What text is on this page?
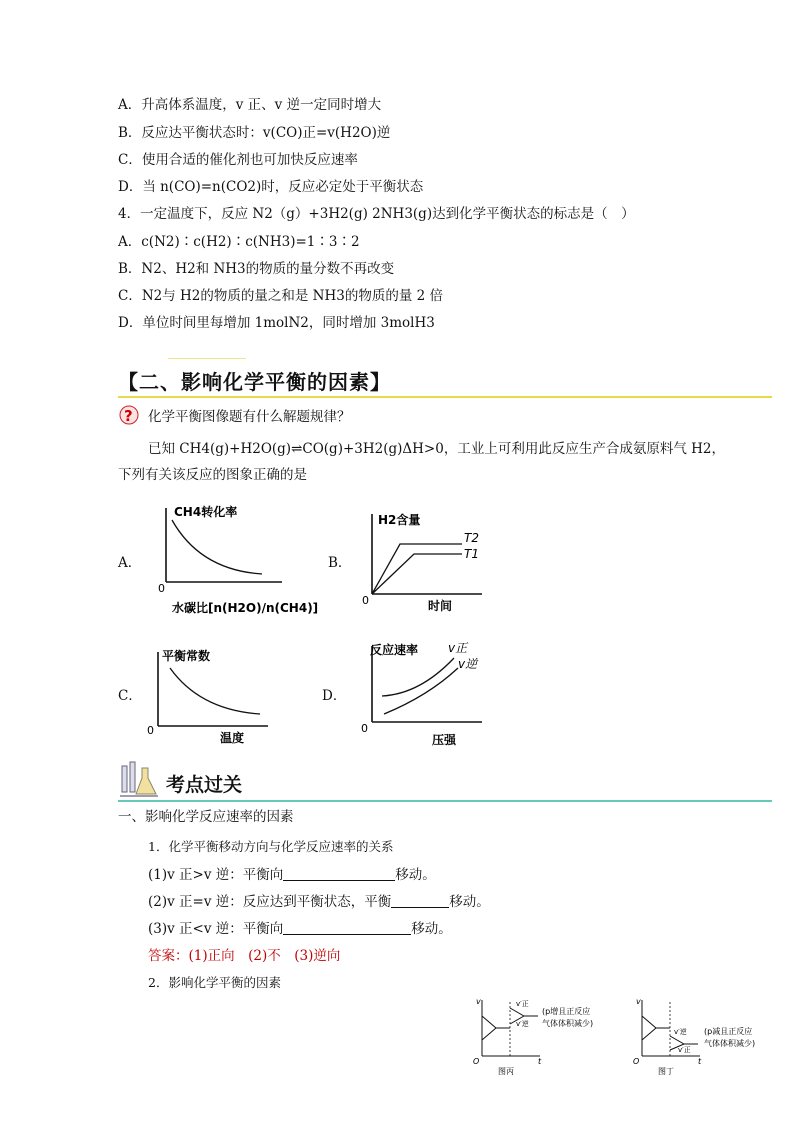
A．升高体系温度，v 正、v 逆一定同时增大
B．反应达平衡状态时：v(CO)正=v(H2O)逆
C．使用合适的催化剂也可加快反应速率
D．当 n(CO)=n(CO2)时，反应必定处于平衡状态
4．一定温度下，反应 N2（g）+3H2(g) 2NH3(g)达到化学平衡状态的标志是（　）
A．c(N2)∶c(H2)∶c(NH3)=1∶3∶2
B．N2、H2和 NH3的物质的量分数不再改变
C．N2与 H2的物质的量之和是 NH3的物质的量 2 倍
D．单位时间里每增加 1molN2，同时增加 3molH3
【二、影响化学平衡的因素】
? 化学平衡图像题有什么解题规律？
已知 CH4(g)+H2O(g)⇌CO(g)+3H2(g)ΔH>0，工业上可利用此反应生产合成氨原料气 H2，
下列有关该反应的图象正确的是
A．
CH4转化率
0
水碳比[n(H2O)/n(CH4)]
B．
H2含量
T2
T1
0	时间
C．
平衡常数
0
温度
D．
反应速率 v正
v逆
0
压强
考点过关
一、影响化学反应速率的因素
1．化学平衡移动方向与化学反应速率的关系
(1)v 正>v 逆：平衡向	移动。
(2)v 正=v 逆：反应达到平衡状态，平衡	移动。
(3)v 正<v 逆：平衡向	移动。
答案：(1)正向　(2)不　(3)逆向
2．影响化学平衡的因素
v
O	t
v′正
v′逆
(p增且正反应
气体体积减少)
图丙
v
O	t
v′逆
v′正
(p减且正反应
气体体积减少)
图丁
